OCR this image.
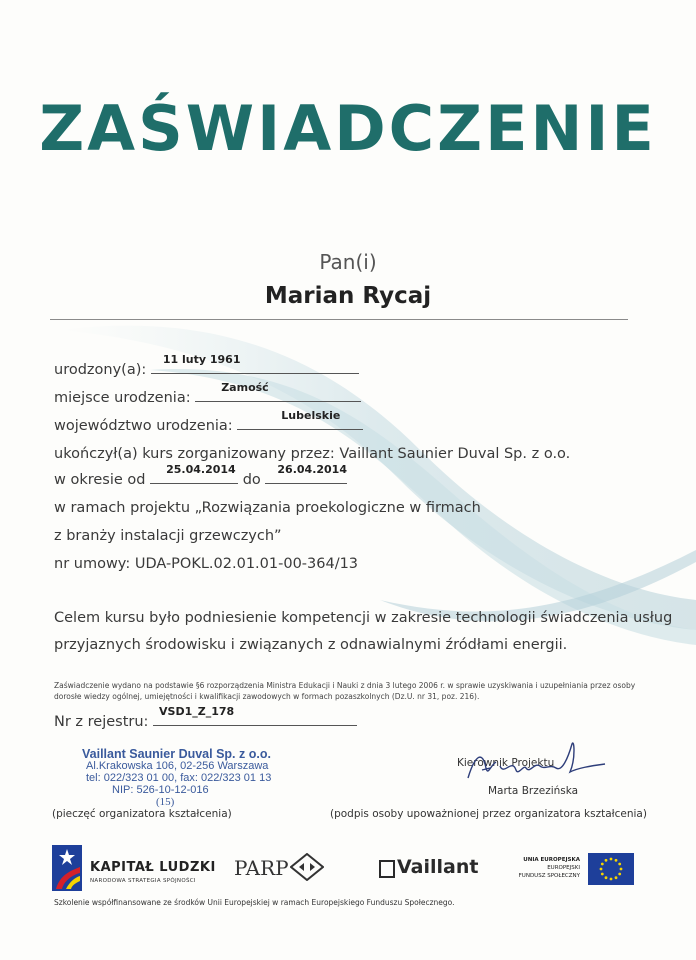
ZAŚWIADCZENIE
Pan(i)
Marian Rycaj
urodzony(a):
11 luty 1961
miejsce urodzenia:
Zamość
województwo urodzenia:
Lubelskie
ukończył(a) kurs zorganizowany przez: Vaillant Saunier Duval Sp. z o.o.
w okresie od
25.04.2014
do
26.04.2014
w ramach projektu „Rozwiązania proekologiczne w firmach
z branży instalacji grzewczych”
nr umowy: UDA-POKL.02.01.01-00-364/13
Celem kursu było podniesienie kompetencji w zakresie technologii świadczenia usług
przyjaznych środowisku i związanych z odnawialnymi źródłami energii.
Zaświadczenie wydano na podstawie §6 rozporządzenia Ministra Edukacji i Nauki z dnia 3 lutego 2006 r. w sprawie uzyskiwania i uzupełniania przez osoby dorosłe wiedzy ogólnej, umiejętności i kwalifikacji zawodowych w formach pozaszkolnych (Dz.U. nr 31, poz. 216).
Nr z rejestru:
VSD1_Z_178
Vaillant Saunier Duval Sp. z o.o.
Al.Krakowska 106, 02-256 Warszawa
tel: 022/323 01 00, fax: 022/323 01 13
NIP: 526-10-12-016
(15)
Kierownik Projektu
Marta Brzezińska
(pieczęć organizatora kształcenia)	(podpis osoby upoważnionej przez organizatora kształcenia)
KAPITAŁ LUDZKI
NARODOWA STRATEGIA SPÓJNOŚCI
PARP	Vaillant	UNIA EUROPEJSKA
EUROPEJSKI
FUNDUSZ SPOŁECZNY
Szkolenie współfinansowane ze środków Unii Europejskiej w ramach Europejskiego Funduszu Społecznego.
